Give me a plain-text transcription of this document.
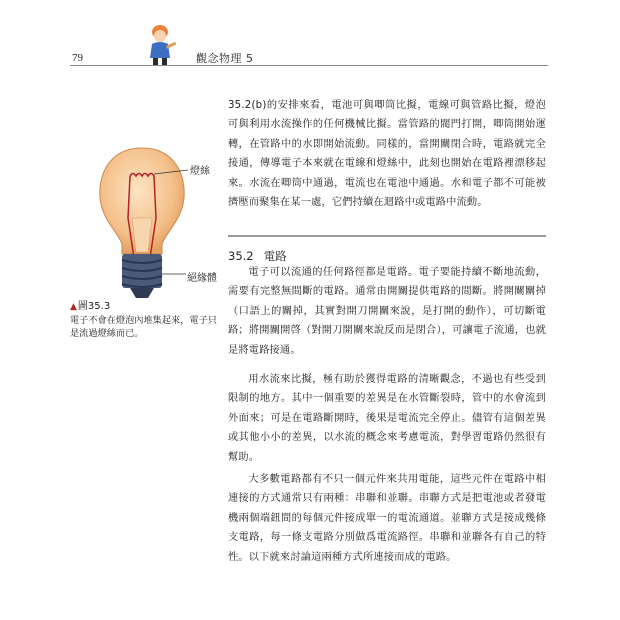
79	觀念物理 5
燈絲
絕緣體
▲圖35.3
電子不會在燈泡內堆集起來，電子只是流過燈絲而已。

35.2(b)的安排來看，電池可與唧筒比擬，電線可與管路比擬，燈泡可與利用水流操作的任何機械比擬。當管路的閥門打開，唧筒開始運轉，在管路中的水即開始流動。同樣的，當開關閉合時，電路就完全接通，傳導電子本來就在電線和燈絲中，此刻也開始在電路裡漂移起來。水流在唧筒中通過，電流也在電池中通過。水和電子都不可能被擠壓而聚集在某一處，它們持續在迴路中或電路中流動。

35.2 電路

電子可以流通的任何路徑都是電路。電子要能持續不斷地流動，需要有完整無間斷的電路。通常由開關提供電路的間斷。將開關關掉（口語上的關掉，其實對開刀開關來說，是打開的動作），可切斷電路；將開關開啓（對開刀開關來說反而是閉合），可讓電子流通，也就是將電路接通。

用水流來比擬，極有助於獲得電路的清晰觀念，不過也有些受到限制的地方。其中一個重要的差異是在水管斷裂時，管中的水會流到外面來；可是在電路斷開時，後果是電流完全停止。儘管有這個差異或其他小小的差異，以水流的概念來考慮電流，對學習電路仍然很有幫助。

大多數電路都有不只一個元件來共用電能，這些元件在電路中相連接的方式通常只有兩種：串聯和並聯。串聯方式是把電池或者發電機兩個端鈕間的每個元件接成單一的電流通道。並聯方式是接成幾條支電路，每一條支電路分別做爲電流路徑。串聯和並聯各有自己的特性。以下就來討論這兩種方式所連接而成的電路。
